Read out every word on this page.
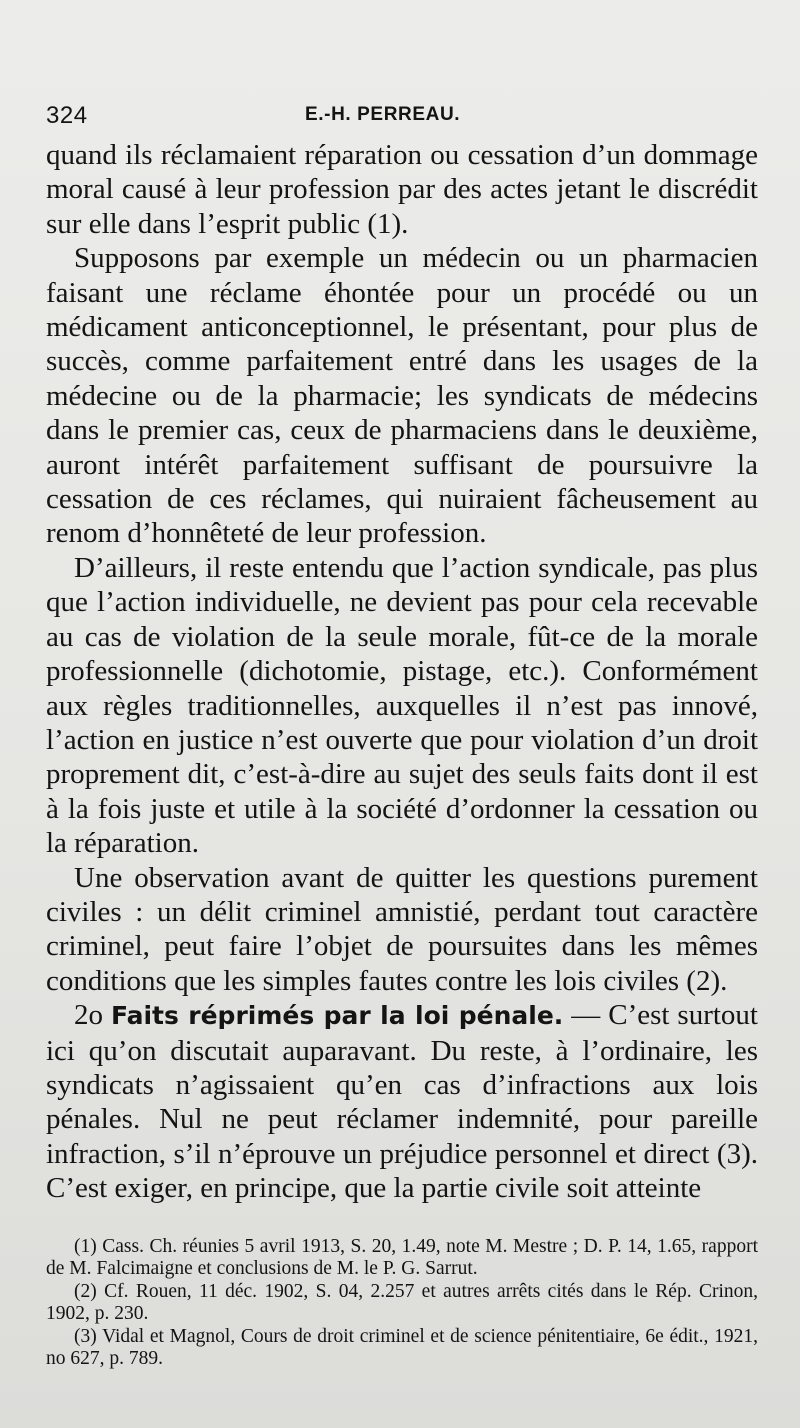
324	E.-H. PERREAU.

quand ils réclamaient réparation ou cessation d’un dommage moral causé à leur profession par des actes jetant le discrédit sur elle dans l’esprit public (1).

Supposons par exemple un médecin ou un pharmacien faisant une réclame éhontée pour un procédé ou un médicament anticonceptionnel, le présentant, pour plus de succès, comme parfaitement entré dans les usages de la médecine ou de la pharmacie; les syndicats de médecins dans le premier cas, ceux de pharmaciens dans le deuxième, auront intérêt parfaitement suffisant de poursuivre la cessation de ces réclames, qui nuiraient fâcheusement au renom d’honnêteté de leur profession.

D’ailleurs, il reste entendu que l’action syndicale, pas plus que l’action individuelle, ne devient pas pour cela recevable au cas de violation de la seule morale, fût-ce de la morale professionnelle (dichotomie, pistage, etc.). Conformément aux règles traditionnelles, auxquelles il n’est pas innové, l’action en justice n’est ouverte que pour violation d’un droit proprement dit, c’est-à-dire au sujet des seuls faits dont il est à la fois juste et utile à la société d’ordonner la cessation ou la réparation.

Une observation avant de quitter les questions purement civiles : un délit criminel amnistié, perdant tout caractère criminel, peut faire l’objet de poursuites dans les mêmes conditions que les simples fautes contre les lois civiles (2).

2o Faits réprimés par la loi pénale. — C’est surtout ici qu’on discutait auparavant. Du reste, à l’ordinaire, les syndicats n’agissaient qu’en cas d’infractions aux lois pénales. Nul ne peut réclamer indemnité, pour pareille infraction, s’il n’éprouve un préjudice personnel et direct (3). C’est exiger, en principe, que la partie civile soit atteinte

(1) Cass. Ch. réunies 5 avril 1913, S. 20, 1.49, note M. Mestre ; D. P. 14, 1.65, rapport de M. Falcimaigne et conclusions de M. le P. G. Sarrut.

(2) Cf. Rouen, 11 déc. 1902, S. 04, 2.257 et autres arrêts cités dans le Rép. Crinon, 1902, p. 230.

(3) Vidal et Magnol, Cours de droit criminel et de science pénitentiaire, 6e édit., 1921, no 627, p. 789.
